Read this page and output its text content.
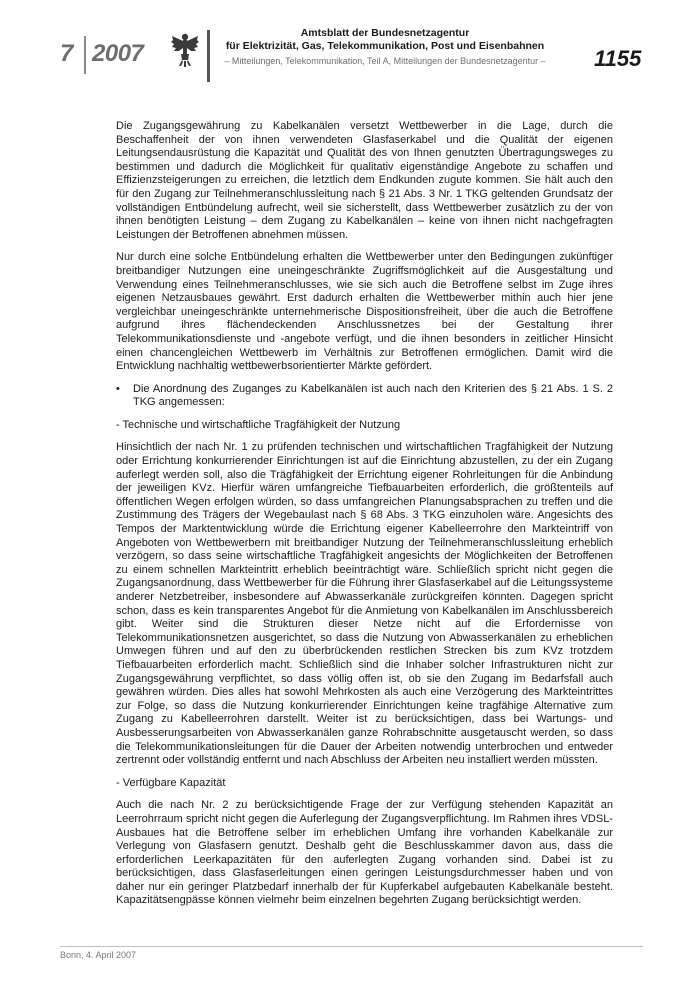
7 2007
Amtsblatt der Bundesnetzagentur
für Elektrizität, Gas, Telekommunikation, Post und Eisenbahnen
– Mitteilungen, Telekommunikation, Teil A, Mitteilungen der Bundesnetzagentur –	1155

Die Zugangsgewährung zu Kabelkanälen versetzt Wettbewerber in die Lage, durch die Beschaffenheit der von ihnen verwendeten Glasfaserkabel und die Qualität der eigenen Leitungsendausrüstung die Kapazität und Qualität des von Ihnen genutzten Übertragungsweges zu bestimmen und dadurch die Möglichkeit für qualitativ eigenständige Angebote zu schaffen und Effizienzsteigerungen zu erreichen, die letztlich dem Endkunden zugute kommen. Sie hält auch den für den Zugang zur Teilnehmeranschlussleitung nach § 21 Abs. 3 Nr. 1 TKG geltenden Grundsatz der vollständigen Entbündelung aufrecht, weil sie sicherstellt, dass Wettbewerber zusätzlich zu der von ihnen benötigten Leistung – dem Zugang zu Kabelkanälen – keine von ihnen nicht nachgefragten Leistungen der Betroffenen abnehmen müssen.

Nur durch eine solche Entbündelung erhalten die Wettbewerber unter den Bedingungen zukünftiger breitbandiger Nutzungen eine uneingeschränkte Zugriffsmöglichkeit auf die Ausgestaltung und Verwendung eines Teilnehmeranschlusses, wie sie sich auch die Betroffene selbst im Zuge ihres eigenen Netzausbaues gewährt. Erst dadurch erhalten die Wettbewerber mithin auch hier jene vergleichbar uneingeschränkte unternehmerische Dispositionsfreiheit, über die auch die Betroffene aufgrund ihres flächendeckenden Anschlussnetzes bei der Gestaltung ihrer Telekommunikationsdienste und -angebote verfügt, und die ihnen besonders in zeitlicher Hinsicht einen chancengleichen Wettbewerb im Verhältnis zur Betroffenen ermöglichen. Damit wird die Entwicklung nachhaltig wettbewerbsorientierter Märkte gefördert.

•	Die Anordnung des Zuganges zu Kabelkanälen ist auch nach den Kriterien des § 21 Abs. 1 S. 2 TKG angemessen:

- Technische und wirtschaftliche Tragfähigkeit der Nutzung

Hinsichtlich der nach Nr. 1 zu prüfenden technischen und wirtschaftlichen Tragfähigkeit der Nutzung oder Errichtung konkurrierender Einrichtungen ist auf die Einrichtung abzustellen, zu der ein Zugang auferlegt werden soll, also die Trägfähigkeit der Errichtung eigener Rohrleitungen für die Anbindung der jeweiligen KVz. Hierfür wären umfangreiche Tiefbauarbeiten erforderlich, die größtenteils auf öffentlichen Wegen erfolgen würden, so dass umfangreichen Planungsabsprachen zu treffen und die Zustimmung des Trägers der Wegebaulast nach § 68 Abs. 3 TKG einzuholen wäre. Angesichts des Tempos der Marktentwicklung würde die Errichtung eigener Kabelleerrohre den Markteintriff von Angeboten von Wettbewerbern mit breitbandiger Nutzung der Teilnehmeranschlussleitung erheblich verzögern, so dass seine wirtschaftliche Tragfähigkeit angesichts der Möglichkeiten der Betroffenen zu einem schnellen Markteintritt erheblich beeinträchtigt wäre. Schließlich spricht nicht gegen die Zugangsanordnung, dass Wettbewerber für die Führung ihrer Glasfaserkabel auf die Leitungssysteme anderer Netzbetreiber, insbesondere auf Abwasserkanäle zurückgreifen könnten. Dagegen spricht schon, dass es kein transparentes Angebot für die Anmietung von Kabelkanälen im Anschlussbereich gibt. Weiter sind die Strukturen dieser Netze nicht auf die Erfordernisse von Telekommunikationsnetzen ausgerichtet, so dass die Nutzung von Abwasserkanälen zu erheblichen Umwegen führen und auf den zu überbrückenden restlichen Strecken bis zum KVz trotzdem Tiefbauarbeiten erforderlich macht. Schließlich sind die Inhaber solcher Infrastrukturen nicht zur Zugangsgewährung verpflichtet, so dass völlig offen ist, ob sie den Zugang im Bedarfsfall auch gewähren würden. Dies alles hat sowohl Mehrkosten als auch eine Verzögerung des Markteintrittes zur Folge, so dass die Nutzung konkurrierender Einrichtungen keine tragfähige Alternative zum Zugang zu Kabelleerrohren darstellt. Weiter ist zu berücksichtigen, dass bei Wartungs- und Ausbesserungsarbeiten von Abwasserkanälen ganze Rohrabschnitte ausgetauscht werden, so dass die Telekommunikationsleitungen für die Dauer der Arbeiten notwendig unterbrochen und entweder zertrennt oder vollständig entfernt und nach Abschluss der Arbeiten neu installiert werden müssten.

- Verfügbare Kapazität

Auch die nach Nr. 2 zu berücksichtigende Frage der zur Verfügung stehenden Kapazität an Leerrohrraum spricht nicht gegen die Auferlegung der Zugangsverpflichtung. Im Rahmen ihres VDSL-Ausbaues hat die Betroffene selber im erheblichen Umfang ihre vorhanden Kabelkanäle zur Verlegung von Glasfasern genutzt. Deshalb geht die Beschlusskammer davon aus, dass die erforderlichen Leerkapazitäten für den auferlegten Zugang vorhanden sind. Dabei ist zu berücksichtigen, dass Glasfaserleitungen einen geringen Leistungsdurchmesser haben und von daher nur ein geringer Platzbedarf innerhalb der für Kupferkabel aufgebauten Kabelkanäle besteht. Kapazitätsengpässe können vielmehr beim einzelnen begehrten Zugang berücksichtigt werden.

Bonn, 4. April 2007
